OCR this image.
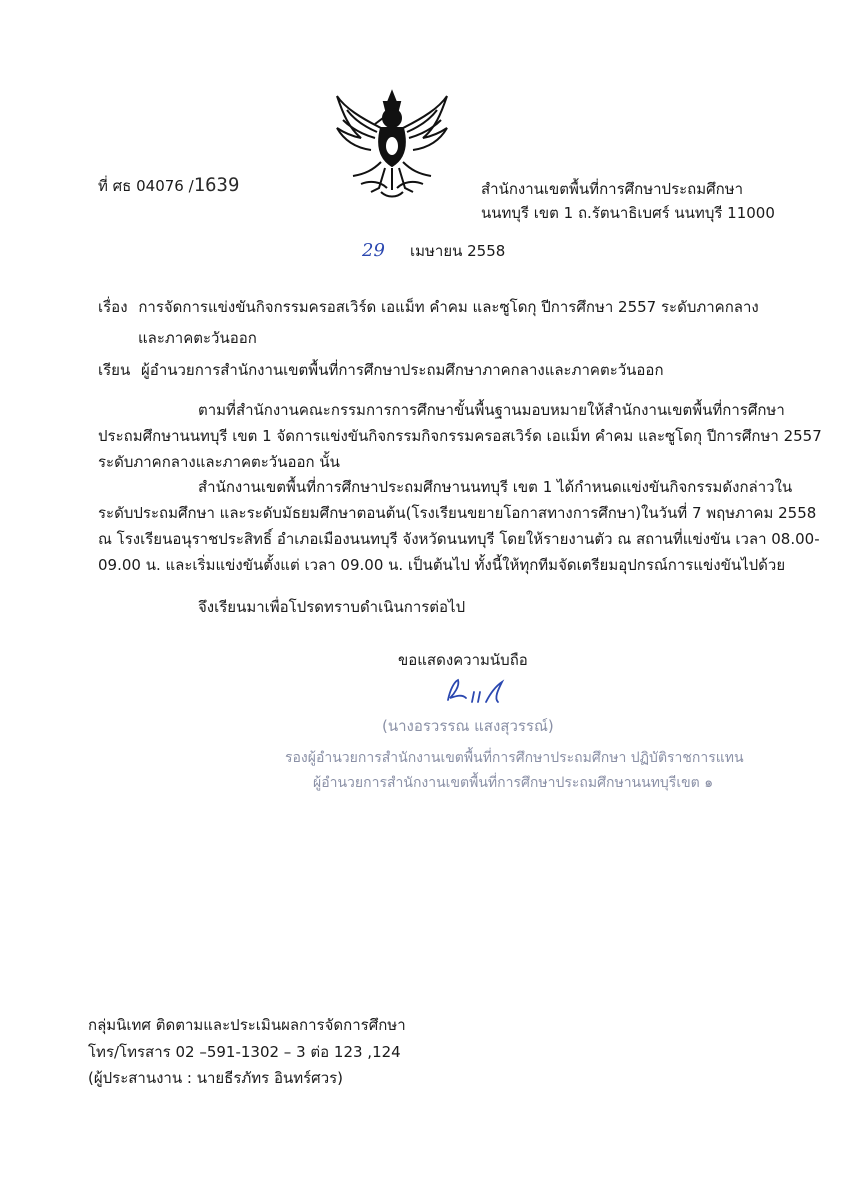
ที่ ศธ 04076 /1639	สำนักงานเขตพื้นที่การศึกษาประถมศึกษา
นนทบุรี เขต 1 ถ.รัตนาธิเบศร์ นนทบุรี 11000
29 เมษายน 2558
เรื่อง การจัดการแข่งขันกิจกรรมครอสเวิร์ด เอแม็ท คำคม และซูโดกุ ปีการศึกษา 2557 ระดับภาคกลาง
และภาคตะวันออก
เรียน ผู้อำนวยการสำนักงานเขตพื้นที่การศึกษาประถมศึกษาภาคกลางและภาคตะวันออก
ตามที่สำนักงานคณะกรรมการการศึกษาขั้นพื้นฐานมอบหมายให้สำนักงานเขตพื้นที่การศึกษา
ประถมศึกษานนทบุรี เขต 1 จัดการแข่งขันกิจกรรมกิจกรรมครอสเวิร์ด เอแม็ท คำคม และซูโดกุ ปีการศึกษา 2557
ระดับภาคกลางและภาคตะวันออก นั้น
สำนักงานเขตพื้นที่การศึกษาประถมศึกษานนทบุรี เขต 1 ได้กำหนดแข่งขันกิจกรรมดังกล่าวใน
ระดับประถมศึกษา และระดับมัธยมศึกษาตอนต้น(โรงเรียนขยายโอกาสทางการศึกษา)ในวันที่ 7 พฤษภาคม 2558
ณ โรงเรียนอนุราชประสิทธิ์ อำเภอเมืองนนทบุรี จังหวัดนนทบุรี โดยให้รายงานตัว ณ สถานที่แข่งขัน เวลา 08.00-
09.00 น. และเริ่มแข่งขันตั้งแต่ เวลา 09.00 น. เป็นต้นไป ทั้งนี้ให้ทุกทีมจัดเตรียมอุปกรณ์การแข่งขันไปด้วย
จึงเรียนมาเพื่อโปรดทราบดำเนินการต่อไป
ขอแสดงความนับถือ
(นางอรวรรณ แสงสุวรรณ์)
รองผู้อำนวยการสำนักงานเขตพื้นที่การศึกษาประถมศึกษา ปฏิบัติราชการแทน
ผู้อำนวยการสำนักงานเขตพื้นที่การศึกษาประถมศึกษานนทบุรีเขต ๑
กลุ่มนิเทศ ติดตามและประเมินผลการจัดการศึกษา
โทร/โทรสาร 02 –591-1302 – 3 ต่อ 123 ,124
(ผู้ประสานงาน : นายธีรภัทร อินทร์ศวร)
